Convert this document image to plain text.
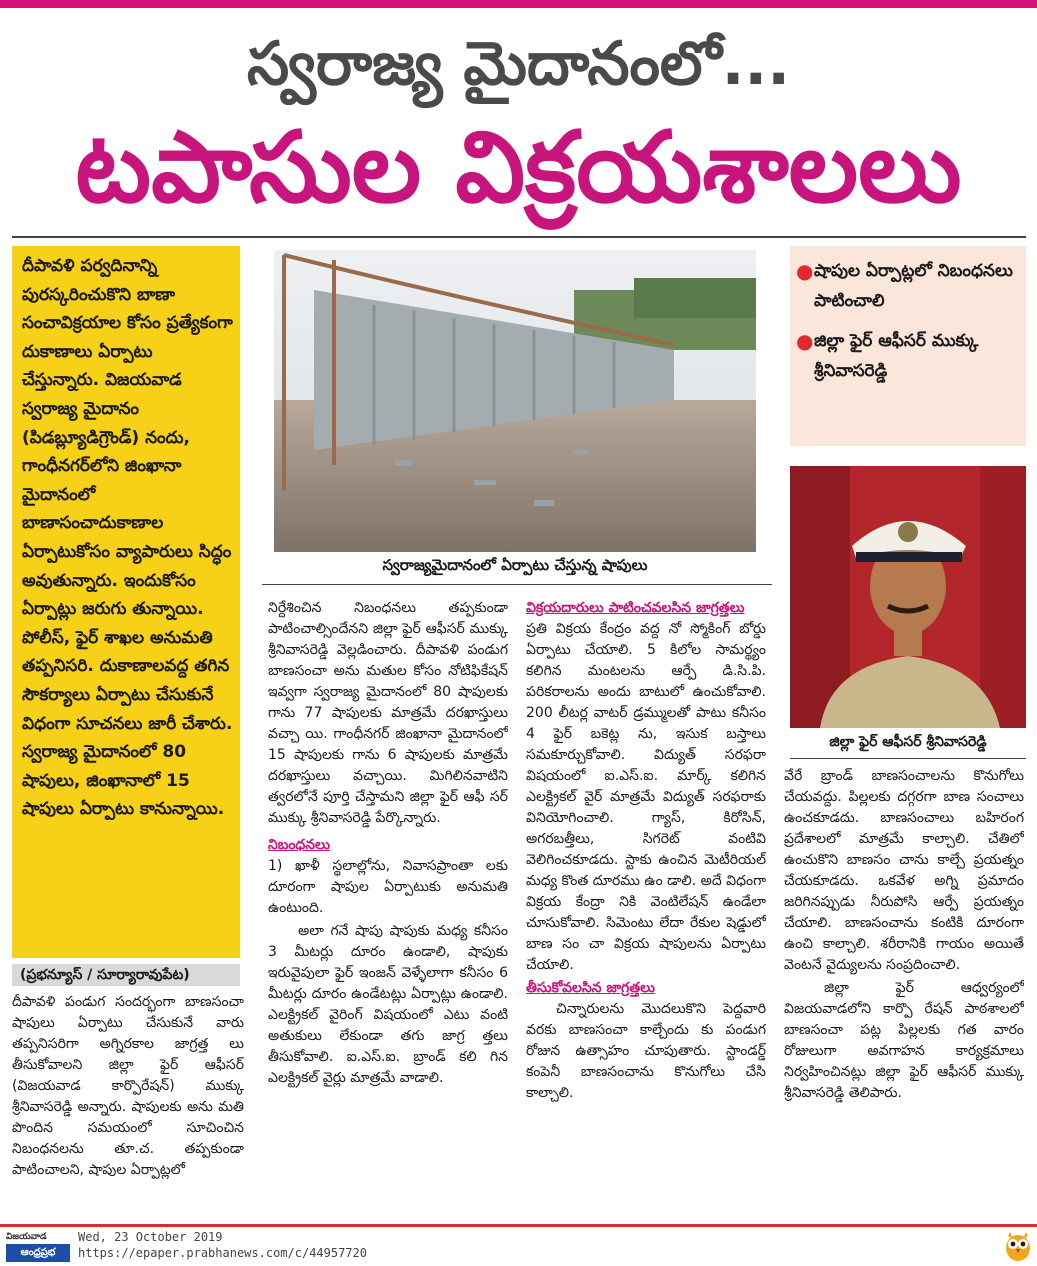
స్వరాజ్య మైదానంలో...
టపాసుల విక్రయశాలలు

దీపావళి పర్వదినాన్ని పురస్కరించుకొని బాణా సంచావిక్రయాల కోసం ప్రత్యేకంగా దుకాణాలు ఏర్పాటు చేస్తున్నారు. విజయవాడ స్వరాజ్య మైదానం (పిడబ్ల్యూడిగ్రౌండ్) నందు, గాంధీనగర్‌లోని జింఖానా మైదానంలో బాణాసంచాదుకాణాల ఏర్పాటుకోసం వ్యాపారులు సిద్ధం అవుతున్నారు. ఇందుకోసం ఏర్పాట్లు జరుగు తున్నాయి. పోలీస్, ఫైర్ శాఖల అనుమతి తప్పనిసరి. దుకాణాలవద్ద తగిన సౌకర్యాలు ఏర్పాటు చేసుకునే విధంగా సూచనలు జారీ చేశారు. స్వరాజ్య మైదానంలో 80 షాపులు, జింఖానాలో 15 షాపులు ఏర్పాటు కానున్నాయి.

(ప్రభన్యూస్ / సూర్యారావుపేట)

దీపావళి పండుగ సందర్భంగా బాణసంచా షాపులు ఏర్పాటు చేసుకునే వారు తప్పనిసరిగా అగ్నిరకాల జాగ్రత్త లు తీసుకోవాలని జిల్లా ఫైర్ ఆఫీసర్ (విజయవాడ కార్పొరేషన్) ముక్కు శ్రీనివాసరెడ్డి అన్నారు. షాపులకు అను మతి పొందిన సమయంలో సూచించిన నిబంధనలను తూ.చ. తప్పకుండా పాటించాలని, షాపుల ఏర్పాట్లలో

స్వరాజ్యమైదానంలో ఏర్పాటు చేస్తున్న షాపులు

నిర్దేశించిన నిబంధనలు తప్పకుండా పాటించాల్సిందేనని జిల్లా ఫైర్ ఆఫీసర్ ముక్కు శ్రీనివాసరెడ్డి వెల్లడించారు. దీపావళి పండుగ బాణసంచా అను మతుల కోసం నోటిఫికేషన్ ఇవ్వగా స్వరాజ్య మైదానంలో 80 షాపులకు గాను 77 షాపులకు మాత్రమే దరఖాస్తులు వచ్చా యి. గాంధీనగర్ జింఖానా మైదానంలో 15 షాపులకు గాను 6 షాపులకు మాత్రమే దరఖాస్తులు వచ్చాయి. మిగిలినవాటిని త్వరలోనే పూర్తి చేస్తామని జిల్లా ఫైర్ ఆఫీ సర్ ముక్కు శ్రీనివాసరెడ్డి పేర్కొన్నారు.

నిబంధనలు

1) ఖాళీ స్థలాల్లోను, నివాసప్రాంతా లకు దూరంగా షాపుల ఏర్పాటుకు అనుమతి ఉంటుంది.

అలా గనే షాపు షాపుకు మధ్య కనీసం 3 మీటర్లు దూరం ఉండాలి, షాపుకు ఇరువైపులా ఫైర్ ఇంజన్ వెళ్ళేలాగా కనీసం 6 మీటర్లు దూరం ఉండేటట్లు ఏర్పాట్లు ఉండాలి. ఎలక్ట్రికల్ వైరింగ్ విషయంలో ఎటు వంటి అతుకులు లేకుండా తగు జాగ్ర త్తలు తీసుకోవాలి. ఐ.ఎస్.ఐ. బ్రాండ్ కలి గిన ఎలక్ట్రికల్ వైర్లు మాత్రమే వాడాలి.

విక్రయదారులు పాటించవలసిన జాగ్రత్తలు

ప్రతి విక్రయ కేంద్రం వద్ద నో స్మోకింగ్ బోర్డు ఏర్పాటు చేయాలి. 5 కిలోల సామర్థ్యం కలిగిన మంటలను ఆర్పే డి.సి.పి. పరికరాలను అందు బాటులో ఉంచుకోవాలి. 200 లీటర్ల వాటర్ డ్రమ్ములతో పాటు కనీసం 4 ఫైర్ బకెట్ల ను, ఇసుక బస్తాలు సమకూర్చుకోవాలి. విద్యుత్ సరఫరా విషయంలో ఐ.ఎస్.ఐ. మార్క్ కలిగిన ఎలక్ట్రికల్ వైర్ మాత్రమే విద్యుత్ సరఫరాకు వినియోగించాలి. గ్యాస్, కిరోసిన్, అగరబత్తీలు, సిగరెట్ వంటివి వెలిగించకూడదు. స్టాకు ఉంచిన మెటీరియల్ మధ్య కొంత దూరము ఉం డాలి. అదే విధంగా విక్రయ కేంద్రా నికి వెంటిలేషన్ ఉండేలా చూసుకోవాలి. సిమెంటు లేదా రేకుల షెడ్డులో బాణ సం చా విక్రయ షాపులను ఏర్పాటు చేయాలి.

తీసుకోవలసిన జాగ్రత్తలు

చిన్నారులను మొదలుకొని పెద్దవారి వరకు బాణసంచా కాల్చేందు కు పండుగ రోజున ఉత్సాహం చూపుతారు. స్టాండర్డ్ కంపెనీ బాణసంచాను కొనుగోలు చేసి కాల్చాలి.

● షాపుల ఏర్పాట్లలో నిబంధనలు పాటించాలి
● జిల్లా ఫైర్ ఆఫీసర్ ముక్కు శ్రీనివాసరెడ్డి
జిల్లా ఫైర్ ఆఫీసర్ శ్రీనివాసరెడ్డి

వేరే బ్రాండ్ బాణసంచాలను కొనుగోలు చేయవద్దు. పిల్లలకు దగ్గరగా బాణ సంచాలు ఉంచకూడదు. బాణసంచాలు బహిరంగ ప్రదేశాలలో మాత్రమే కాల్చాలి. చేతిలో ఉంచుకొని బాణసం చాను కాల్చే ప్రయత్నం చేయకూడదు. ఒకవేళ అగ్ని ప్రమాదం జరిగినప్పుడు నీరుపోసి ఆర్పే ప్రయత్నం చేయాలి. బాణసంచాను కంటికి దూరంగా ఉంచి కాల్చాలి. శరీరానికి గాయం అయితే వెంటనే వైద్యులను సంప్రదించాలి.

జిల్లా ఫైర్ ఆధ్వర్యంలో విజయవాడలోని కార్పొ రేషన్ పాఠశాలలో బాణసంచా పట్ల పిల్లలకు గత వారం రోజులుగా అవగాహన కార్యక్రమాలు నిర్వహించినట్లు జిల్లా ఫైర్ ఆఫీసర్ ముక్కు శ్రీనివాసరెడ్డి తెలిపారు.

విజయవాడ
ఆంధ్రప్రభ
Wed, 23 October 2019
https://epaper.prabhanews.com/c/44957720
